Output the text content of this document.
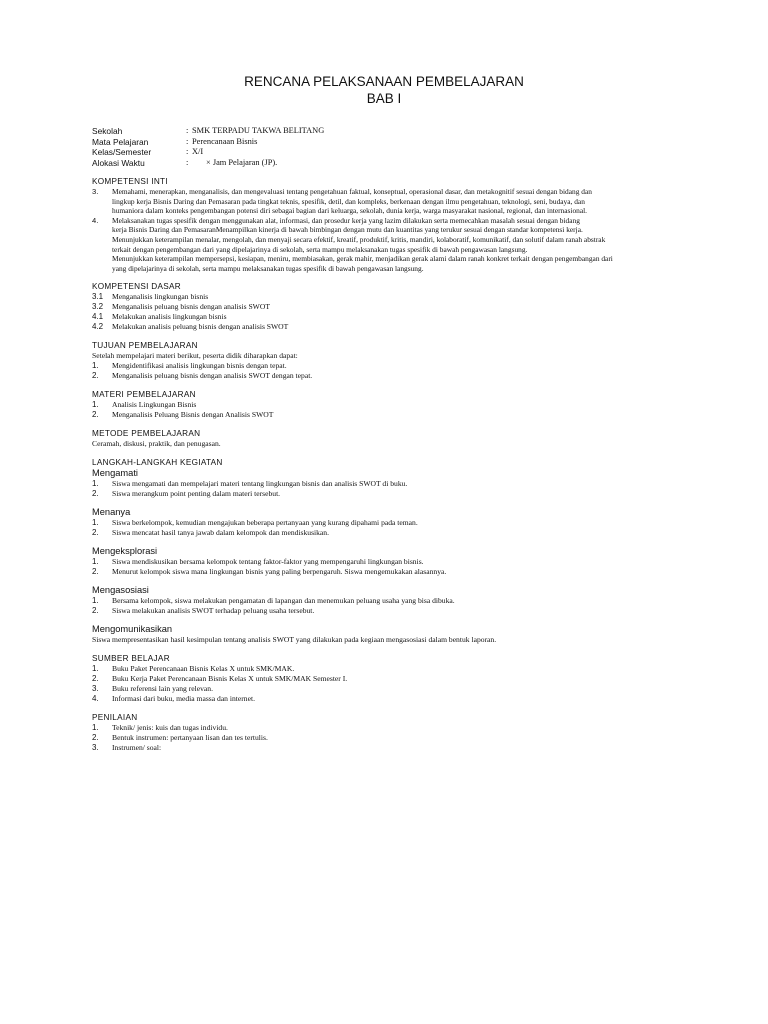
RENCANA PELAKSANAAN PEMBELAJARAN
BAB I
Sekolah	: SMK TERPADU TAKWA BELITANG
Mata Pelajaran	: Perencanaan Bisnis
Kelas/Semester	: X/I
Alokasi Waktu	: × Jam Pelajaran (JP).
KOMPETENSI INTI
3.	Memahami, menerapkan, menganalisis, dan mengevaluasi tentang pengetahuan faktual, konseptual, operasional dasar, dan metakognitif sesuai dengan bidang dan
lingkup kerja Bisnis Daring dan Pemasaran pada tingkat teknis, spesifik, detil, dan kompleks, berkenaan dengan ilmu pengetahuan, teknologi, seni, budaya, dan
humaniora dalam konteks pengembangan potensi diri sebagai bagian dari keluarga, sekolah, dunia kerja, warga masyarakat nasional, regional, dan internasional.
4.	Melaksanakan tugas spesifik dengan menggunakan alat, informasi, dan prosedur kerja yang lazim dilakukan serta memecahkan masalah sesuai dengan bidang
kerja Bisnis Daring dan PemasaranMenampilkan kinerja di bawah bimbingan dengan mutu dan kuantitas yang terukur sesuai dengan standar kompetensi kerja.
Menunjukkan keterampilan menalar, mengolah, dan menyaji secara efektif, kreatif, produktif, kritis, mandiri, kolaboratif, komunikatif, dan solutif dalam ranah abstrak
terkait dengan pengembangan dari yang dipelajarinya di sekolah, serta mampu melaksanakan tugas spesifik di bawah pengawasan langsung.
Menunjukkan keterampilan mempersepsi, kesiapan, meniru, membiasakan, gerak mahir, menjadikan gerak alami dalam ranah konkret terkait dengan pengembangan dari
yang dipelajarinya di sekolah, serta mampu melaksanakan tugas spesifik di bawah pengawasan langsung.
KOMPETENSI DASAR
3.1	Menganalisis lingkungan bisnis
3.2	Menganalisis peluang bisnis dengan analisis SWOT
4.1	Melakukan analisis lingkungan bisnis
4.2	Melakukan analisis peluang bisnis dengan analisis SWOT
TUJUAN PEMBELAJARAN
Setelah mempelajari materi berikut, peserta didik diharapkan dapat:
1.	Mengidentifikasi analisis lingkungan bisnis dengan tepat.
2.	Menganalisis peluang bisnis dengan analisis SWOT dengan tepat.
MATERI PEMBELAJARAN
1.	Analisis Lingkungan Bisnis
2.	Menganalisis Peluang Bisnis dengan Analisis SWOT
METODE PEMBELAJARAN
Ceramah, diskusi, praktik, dan penugasan.
LANGKAH-LANGKAH KEGIATAN
Mengamati
1.	Siswa mengamati dan mempelajari materi tentang lingkungan bisnis dan analisis SWOT di buku.
2.	Siswa merangkum point penting dalam materi tersebut.
Menanya
1.	Siswa berkelompok, kemudian mengajukan beberapa pertanyaan yang kurang dipahami pada teman.
2.	Siswa mencatat hasil tanya jawab dalam kelompok dan mendiskusikan.
Mengeksplorasi
1.	Siswa mendiskusikan bersama kelompok tentang faktor-faktor yang mempengaruhi lingkungan bisnis.
2.	Menurut kelompok siswa mana lingkungan bisnis yang paling berpengaruh. Siswa mengemukakan alasannya.
Mengasosiasi
1.	Bersama kelompok, siswa melakukan pengamatan di lapangan dan menemukan peluang usaha yang bisa dibuka.
2.	Siswa melakukan analisis SWOT terhadap peluang usaha tersebut.
Mengomunikasikan
Siswa mempresentasikan hasil kesimpulan tentang analisis SWOT yang dilakukan pada kegiaan mengasosiasi dalam bentuk laporan.
SUMBER BELAJAR
1.	Buku Paket Perencanaan Bisnis Kelas X untuk SMK/MAK.
2.	Buku Kerja Paket Perencanaan Bisnis Kelas X untuk SMK/MAK Semester I.
3.	Buku referensi lain yang relevan.
4.	Informasi dari buku, media massa dan internet.
PENILAIAN
1.	Teknik/ jenis: kuis dan tugas individu.
2.	Bentuk instrumen: pertanyaan lisan dan tes tertulis.
3.	Instrumen/ soal:
